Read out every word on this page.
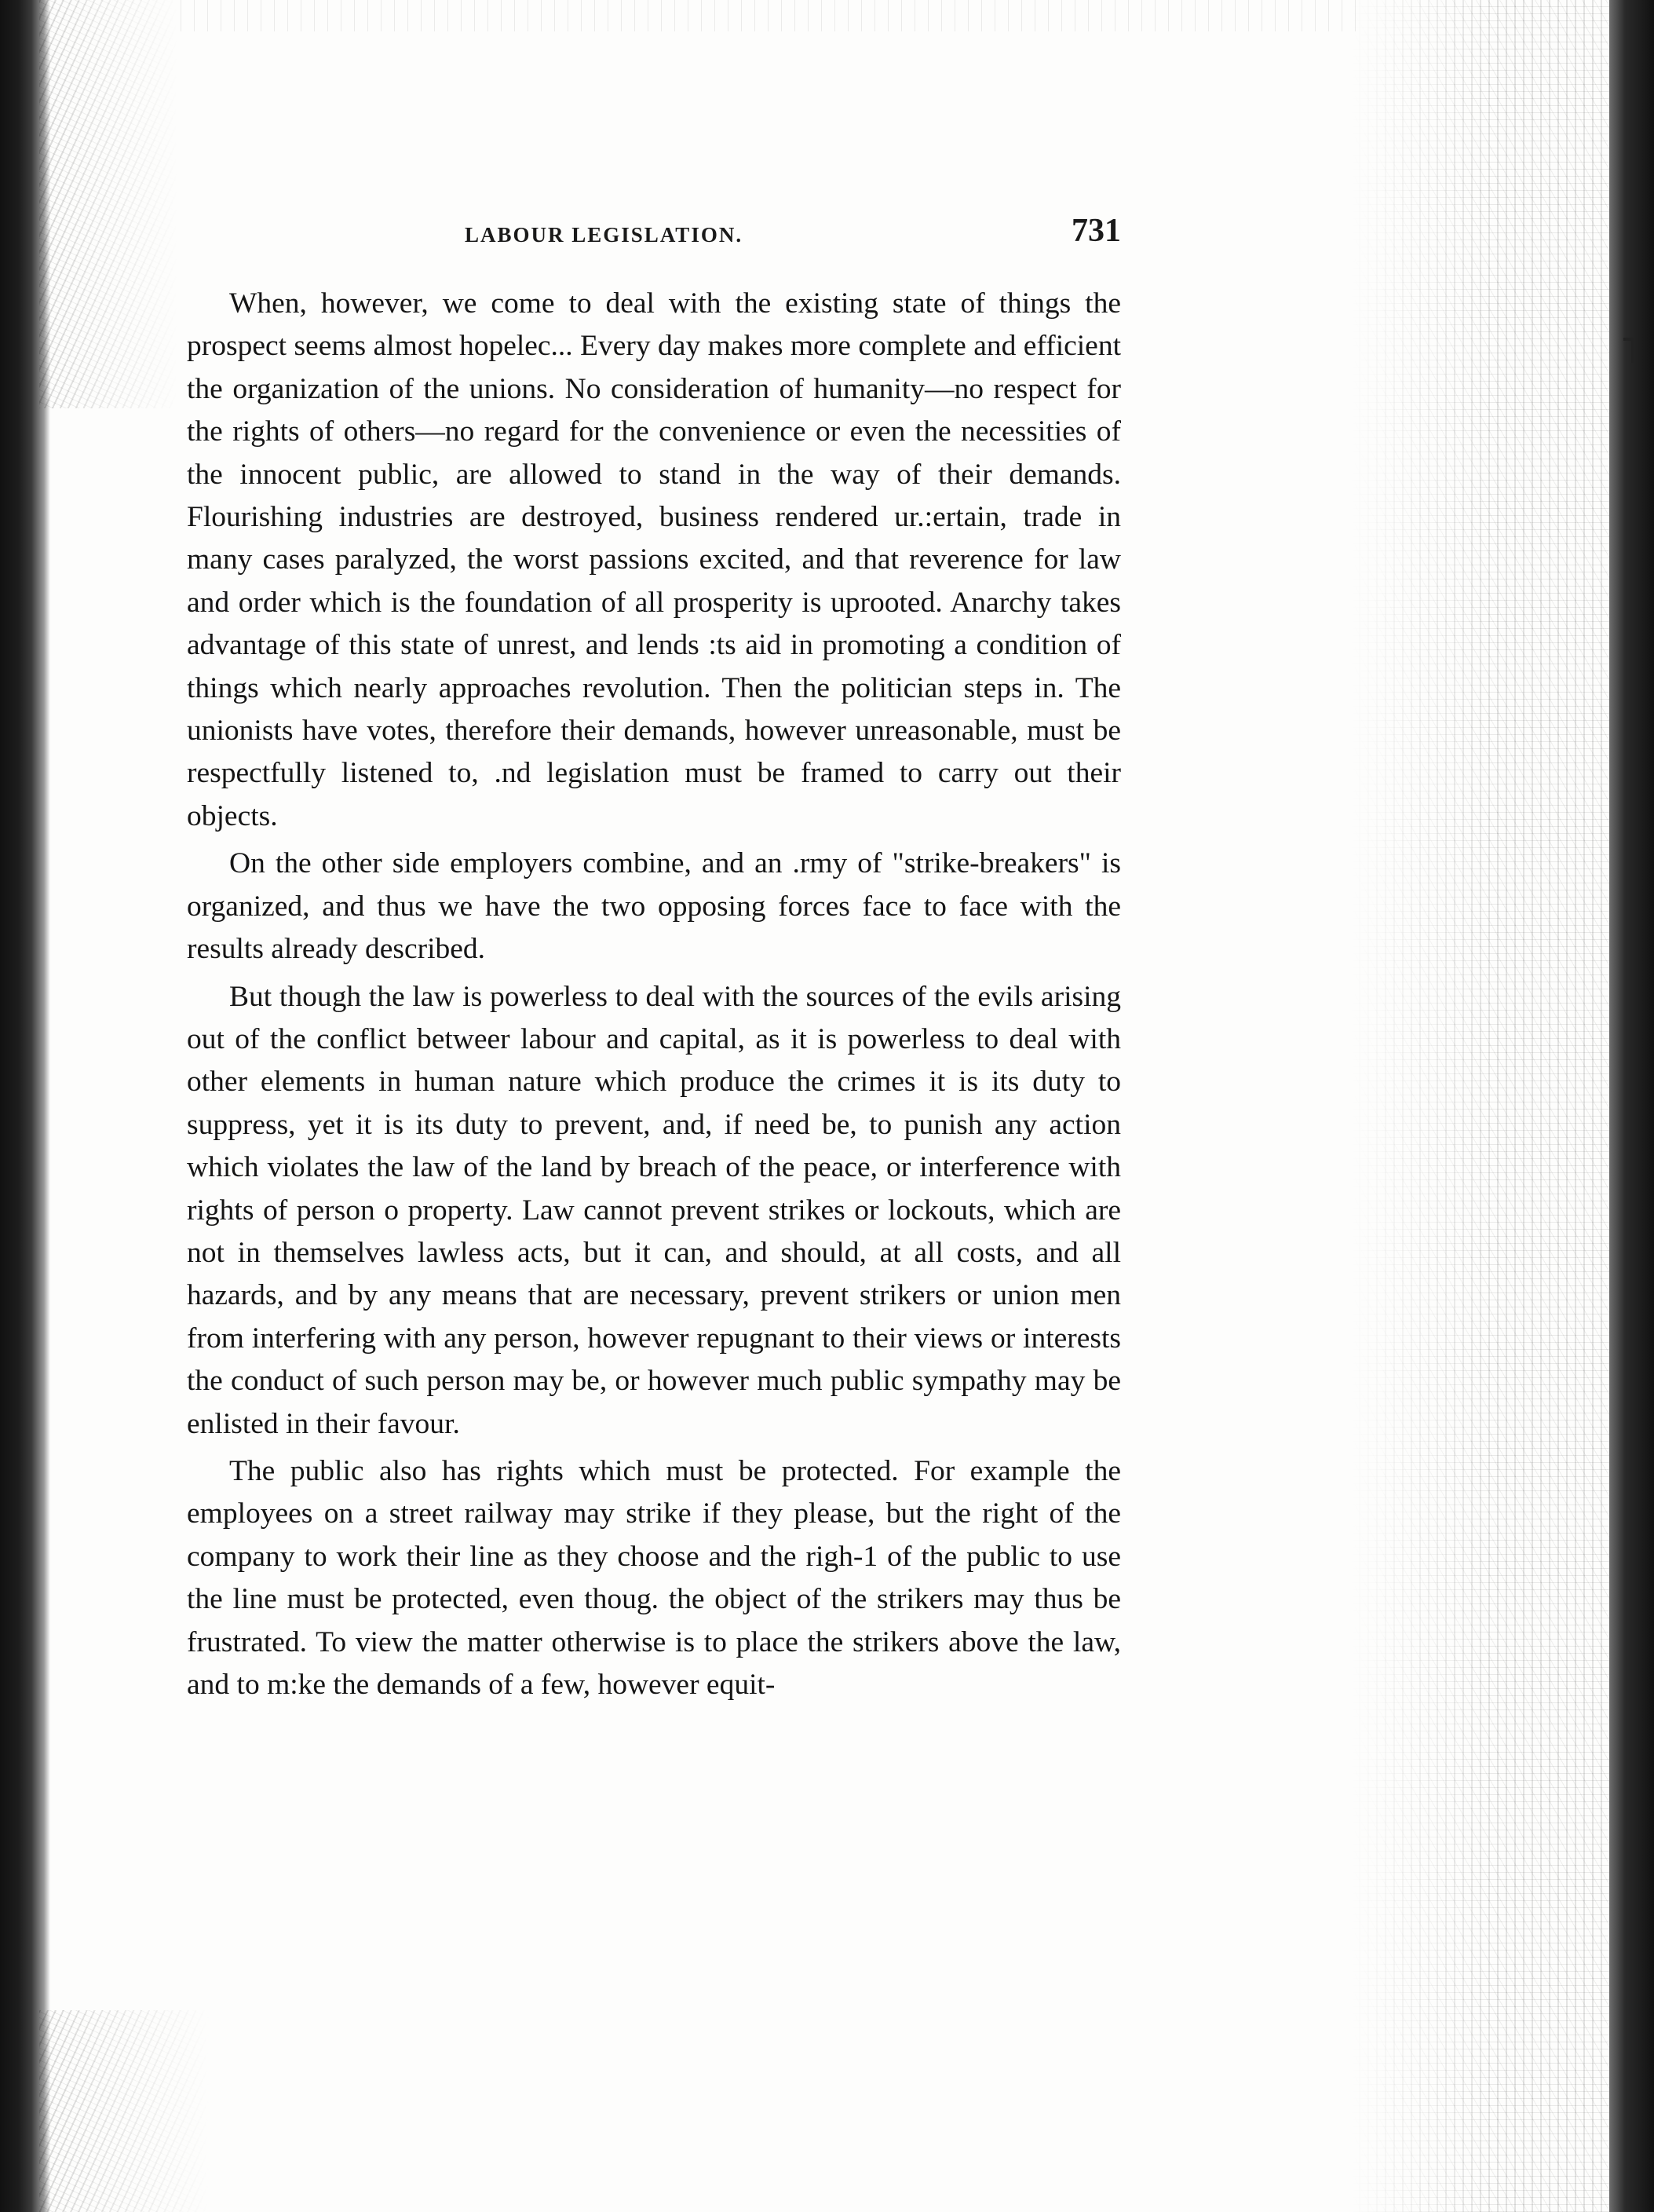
LABOUR LEGISLATION.	731

When, however, we come to deal with the existing state of things the prospect seems almost hopelec... Every day makes more complete and efficient the organization of the unions. No consideration of humanity—no respect for the rights of others—no regard for the convenience or even the necessities of the innocent public, are allowed to stand in the way of their demands. Flourishing industries are destroyed, business rendered ur.:ertain, trade in many cases paralyzed, the worst passions excited, and that reverence for law and order which is the foundation of all prosperity is uprooted. Anarchy takes advantage of this state of unrest, and lends :ts aid in promoting a condition of things which nearly approaches revolution. Then the politician steps in. The unionists have votes, therefore their demands, however unreasonable, must be respectfully listened to, .nd legislation must be framed to carry out their objects.

On the other side employers combine, and an .rmy of "strike-breakers" is organized, and thus we have the two opposing forces face to face with the results already described.

But though the law is powerless to deal with the sources of the evils arising out of the conflict betweer labour and capital, as it is powerless to deal with other elements in human nature which produce the crimes it is its duty to suppress, yet it is its duty to prevent, and, if need be, to punish any action which violates the law of the land by breach of the peace, or interference with rights of person o property. Law cannot prevent strikes or lockouts, which are not in themselves lawless acts, but it can, and should, at all costs, and all hazards, and by any means that are necessary, prevent strikers or union men from interfering with any person, however repugnant to their views or interests the conduct of such person may be, or however much public sympathy may be enlisted in their favour.

The public also has rights which must be protected. For example the employees on a street railway may strike if they please, but the right of the company to work their line as they choose and the righ-1 of the public to use the line must be protected, even thoug. the object of the strikers may thus be frustrated. To view the matter otherwise is to place the strikers above the law, and to m:ke the demands of a few, however equit-
